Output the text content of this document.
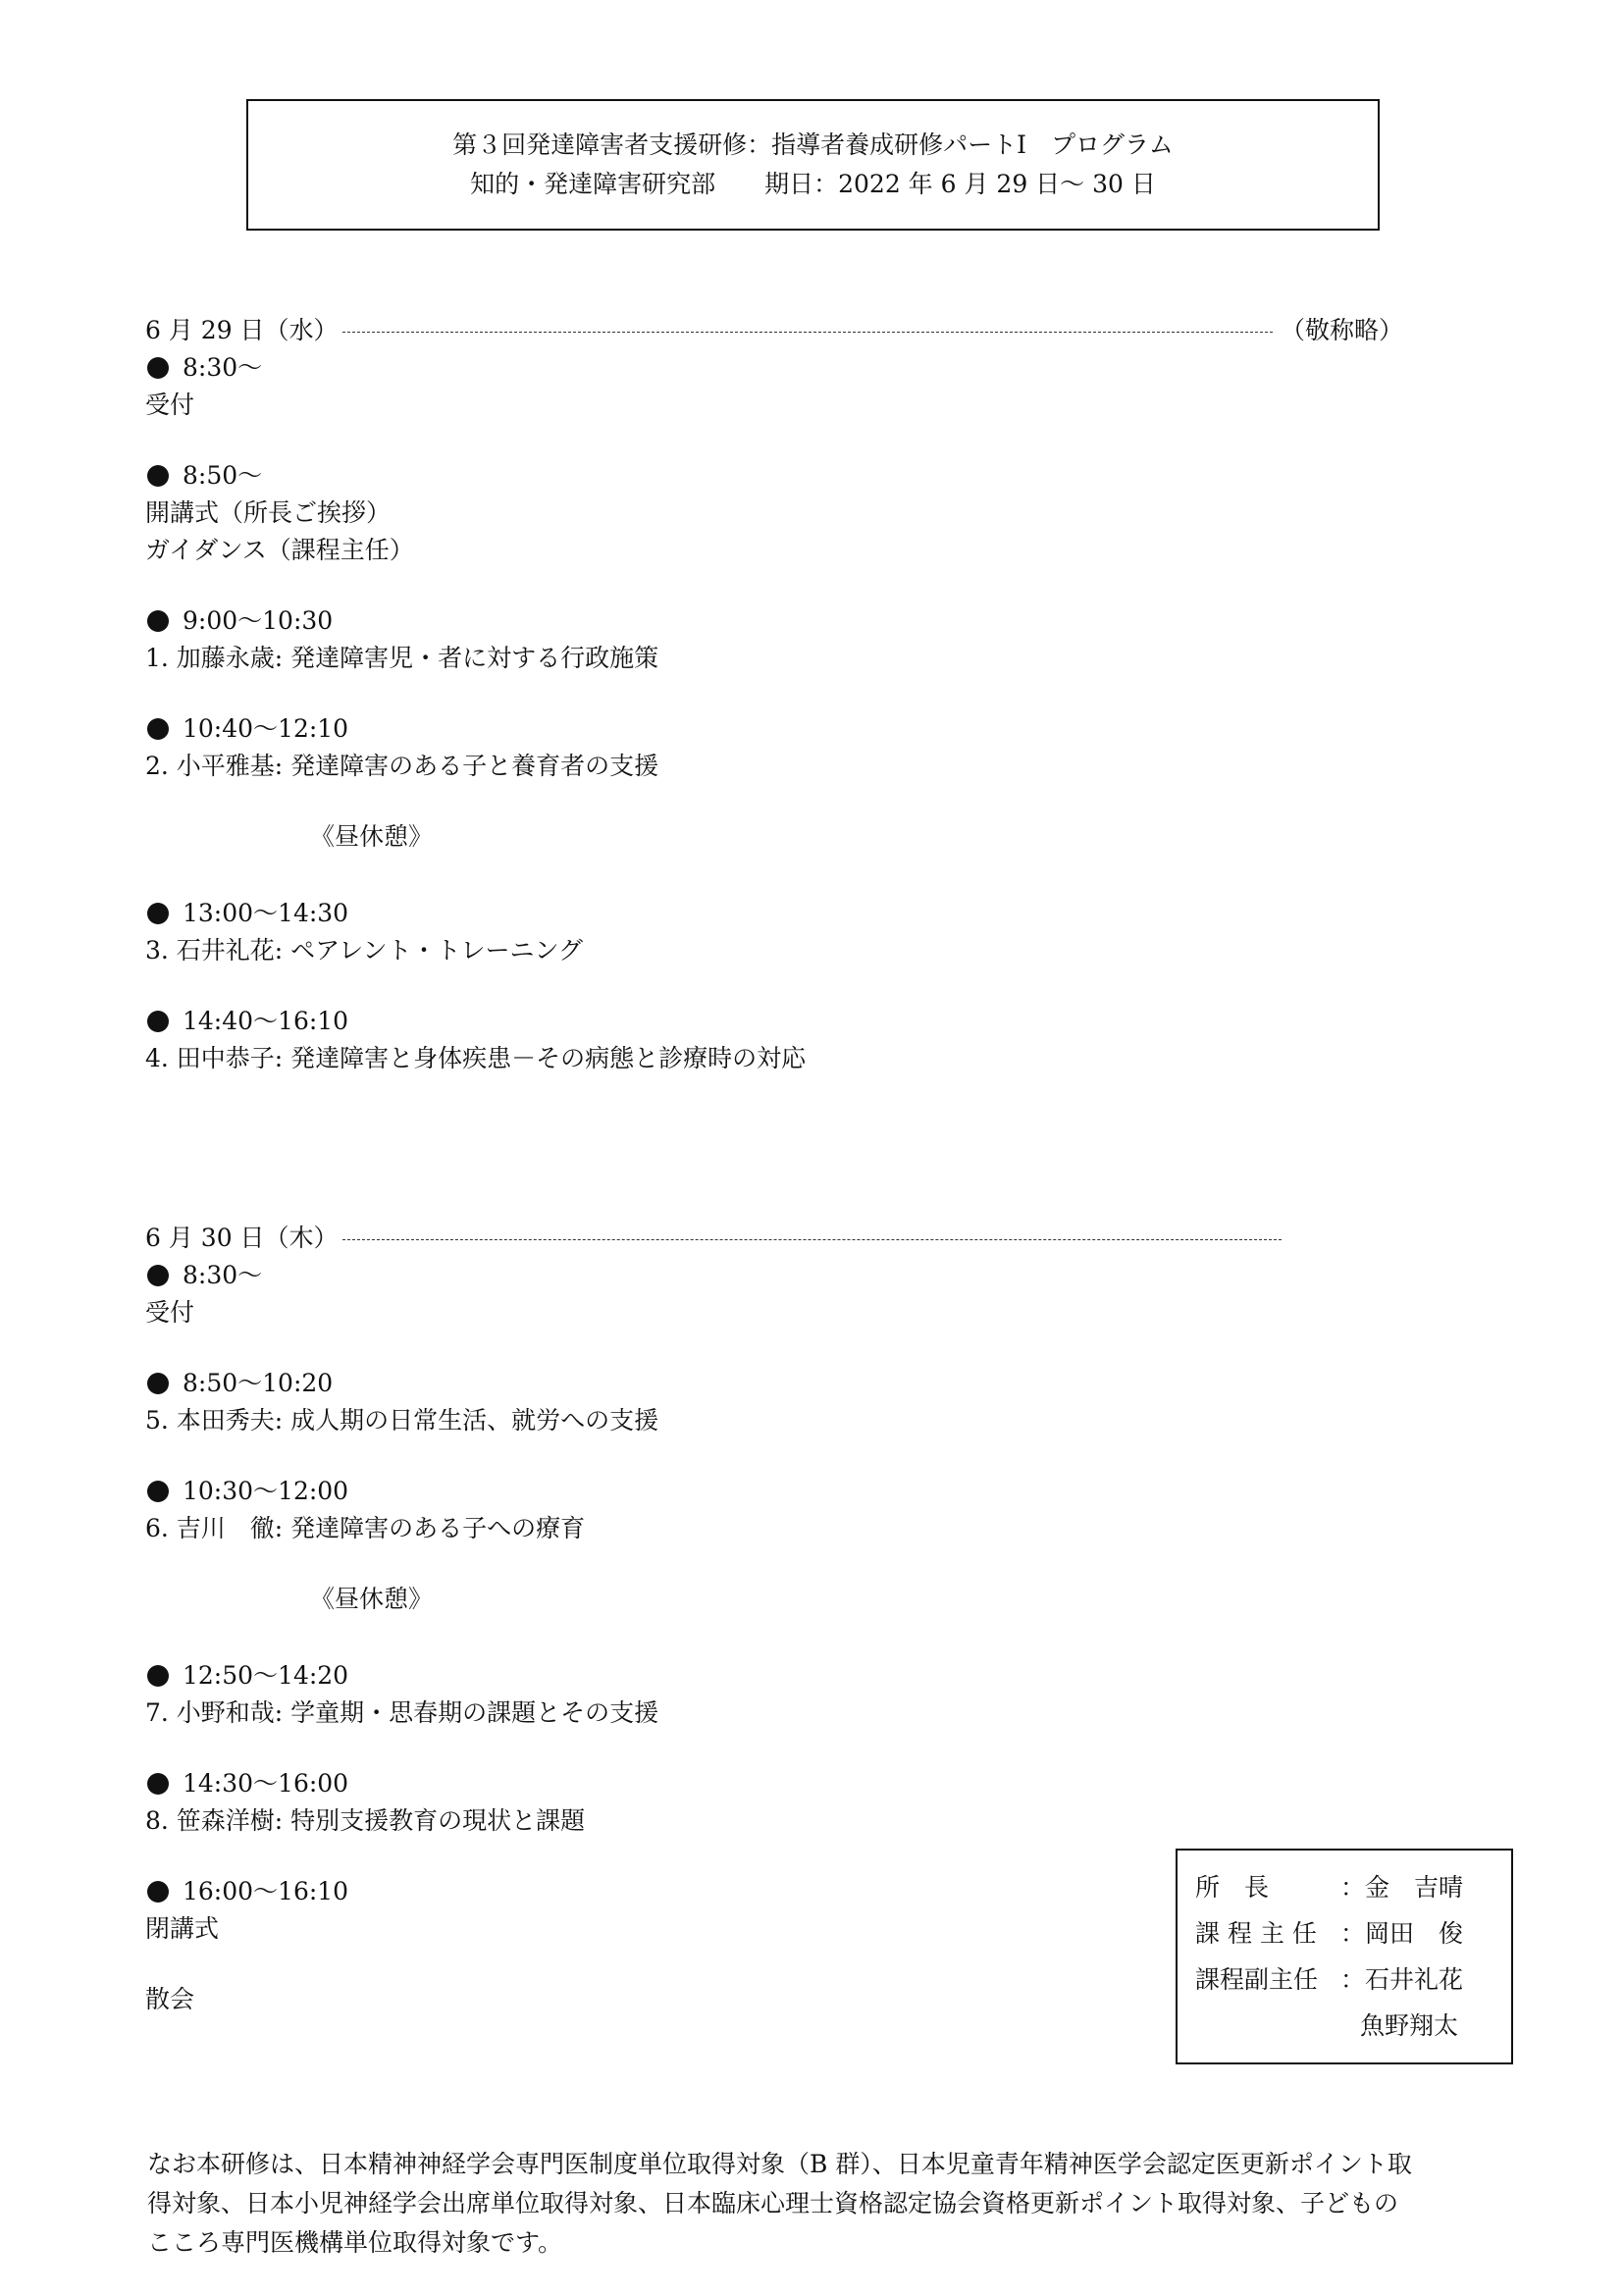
第３回発達障害者支援研修：指導者養成研修パートⅠ　プログラム
知的・発達障害研究部　　期日：2022 年 6 月 29 日～ 30 日
6 月 29 日（水）	（敬称略）
8:30～
受付
8:50～
開講式（所長ご挨拶）
ガイダンス（課程主任）
9:00～10:30
1. 加藤永歳: 発達障害児・者に対する行政施策
10:40～12:10
2. 小平雅基: 発達障害のある子と養育者の支援
《昼休憩》
13:00～14:30
3. 石井礼花: ペアレント・トレーニング
14:40～16:10
4. 田中恭子: 発達障害と身体疾患－その病態と診療時の対応
6 月 30 日（木）
8:30～
受付
8:50～10:20
5. 本田秀夫: 成人期の日常生活、就労への支援
10:30～12:00
6. 吉川　徹: 発達障害のある子への療育
《昼休憩》
12:50～14:20
7. 小野和哉: 学童期・思春期の課題とその支援
14:30～16:00
8. 笹森洋樹: 特別支援教育の現状と課題
16:00～16:10
閉講式
散会
所　長　　 ：金　吉晴
課 程 主 任 ：岡田　俊
課程副主任 ：石井礼花
魚野翔太
なお本研修は、日本精神神経学会専門医制度単位取得対象（B 群）、日本児童青年精神医学会認定医更新ポイント取
得対象、日本小児神経学会出席単位取得対象、日本臨床心理士資格認定協会資格更新ポイント取得対象、子どもの
こころ専門医機構単位取得対象です。
